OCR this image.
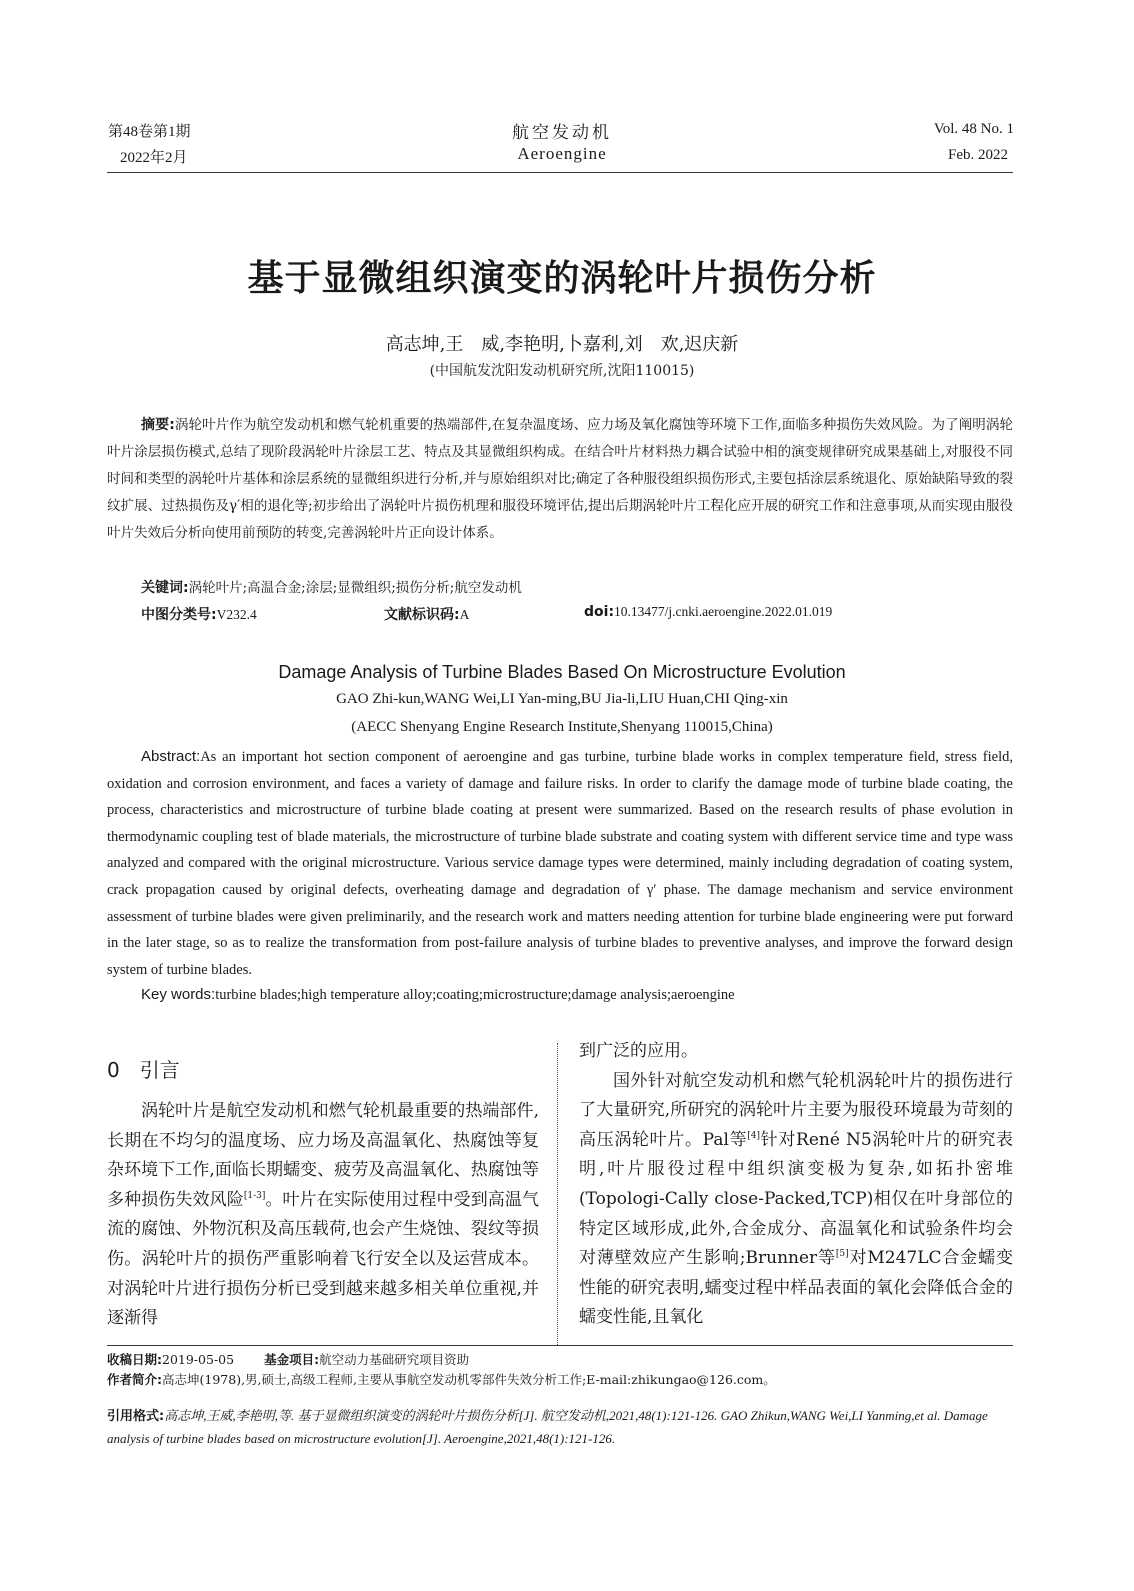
第48卷第1期
2022年2月
航空发动机
Aeroengine
Vol. 48 No. 1
Feb. 2022
基于显微组织演变的涡轮叶片损伤分析
高志坤,王　威,李艳明,卜嘉利,刘　欢,迟庆新
(中国航发沈阳发动机研究所,沈阳110015)
摘要:涡轮叶片作为航空发动机和燃气轮机重要的热端部件,在复杂温度场、应力场及氧化腐蚀等环境下工作,面临多种损伤失效风险。为了阐明涡轮叶片涂层损伤模式,总结了现阶段涡轮叶片涂层工艺、特点及其显微组织构成。在结合叶片材料热力耦合试验中相的演变规律研究成果基础上,对服役不同时间和类型的涡轮叶片基体和涂层系统的显微组织进行分析,并与原始组织对比;确定了各种服役组织损伤形式,主要包括涂层系统退化、原始缺陷导致的裂纹扩展、过热损伤及γ′相的退化等;初步给出了涡轮叶片损伤机理和服役环境评估,提出后期涡轮叶片工程化应开展的研究工作和注意事项,从而实现由服役叶片失效后分析向使用前预防的转变,完善涡轮叶片正向设计体系。
关键词:涡轮叶片;高温合金;涂层;显微组织;损伤分析;航空发动机
中图分类号:V232.4	文献标识码:A	doi:10.13477/j.cnki.aeroengine.2022.01.019
Damage Analysis of Turbine Blades Based On Microstructure Evolution
GAO Zhi-kun,WANG Wei,LI Yan-ming,BU Jia-li,LIU Huan,CHI Qing-xin
(AECC Shenyang Engine Research Institute,Shenyang 110015,China)
Abstract:As an important hot section component of aeroengine and gas turbine, turbine blade works in complex temperature field, stress field, oxidation and corrosion environment, and faces a variety of damage and failure risks. In order to clarify the damage mode of turbine blade coating, the process, characteristics and microstructure of turbine blade coating at present were summarized. Based on the research results of phase evolution in thermodynamic coupling test of blade materials, the microstructure of turbine blade substrate and coating system with different service time and type wass analyzed and compared with the original microstructure. Various service damage types were determined, mainly including degradation of coating system, crack propagation caused by original defects, overheating damage and degradation of γ′ phase. The damage mechanism and service environment assessment of turbine blades were given preliminarily, and the research work and matters needing attention for turbine blade engineering were put forward in the later stage, so as to realize the transformation from post-failure analysis of turbine blades to preventive analyses, and improve the forward design system of turbine blades.
Key words:turbine blades;high temperature alloy;coating;microstructure;damage analysis;aeroengine
0 引言
涡轮叶片是航空发动机和燃气轮机最重要的热端部件,长期在不均匀的温度场、应力场及高温氧化、热腐蚀等复杂环境下工作,面临长期蠕变、疲劳及高温氧化、热腐蚀等多种损伤失效风险[1-3]。叶片在实际使用过程中受到高温气流的腐蚀、外物沉积及高压载荷,也会产生烧蚀、裂纹等损伤。涡轮叶片的损伤严重影响着飞行安全以及运营成本。对涡轮叶片进行损伤分析已受到越来越多相关单位重视,并逐渐得

到广泛的应用。

国外针对航空发动机和燃气轮机涡轮叶片的损伤进行了大量研究,所研究的涡轮叶片主要为服役环境最为苛刻的高压涡轮叶片。Pal等[4]针对René N5涡轮叶片的研究表明,叶片服役过程中组织演变极为复杂,如拓扑密堆(Topologi-Cally close-Packed,TCP)相仅在叶身部位的特定区域形成,此外,合金成分、高温氧化和试验条件均会对薄壁效应产生影响;Brunner等[5]对M247LC合金蠕变性能的研究表明,蠕变过程中样品表面的氧化会降低合金的蠕变性能,且氧化

收稿日期:2019-05-05 基金项目:航空动力基础研究项目资助
作者简介:高志坤(1978),男,硕士,高级工程师,主要从事航空发动机零部件失效分析工作;E-mail:zhikungao@126.com。
引用格式:高志坤,王威,李艳明,等. 基于显微组织演变的涡轮叶片损伤分析[J]. 航空发动机,2021,48(1):121-126. GAO Zhikun,WANG Wei,LI Yanming,et al. Damage analysis of turbine blades based on microstructure evolution[J]. Aeroengine,2021,48(1):121-126.
